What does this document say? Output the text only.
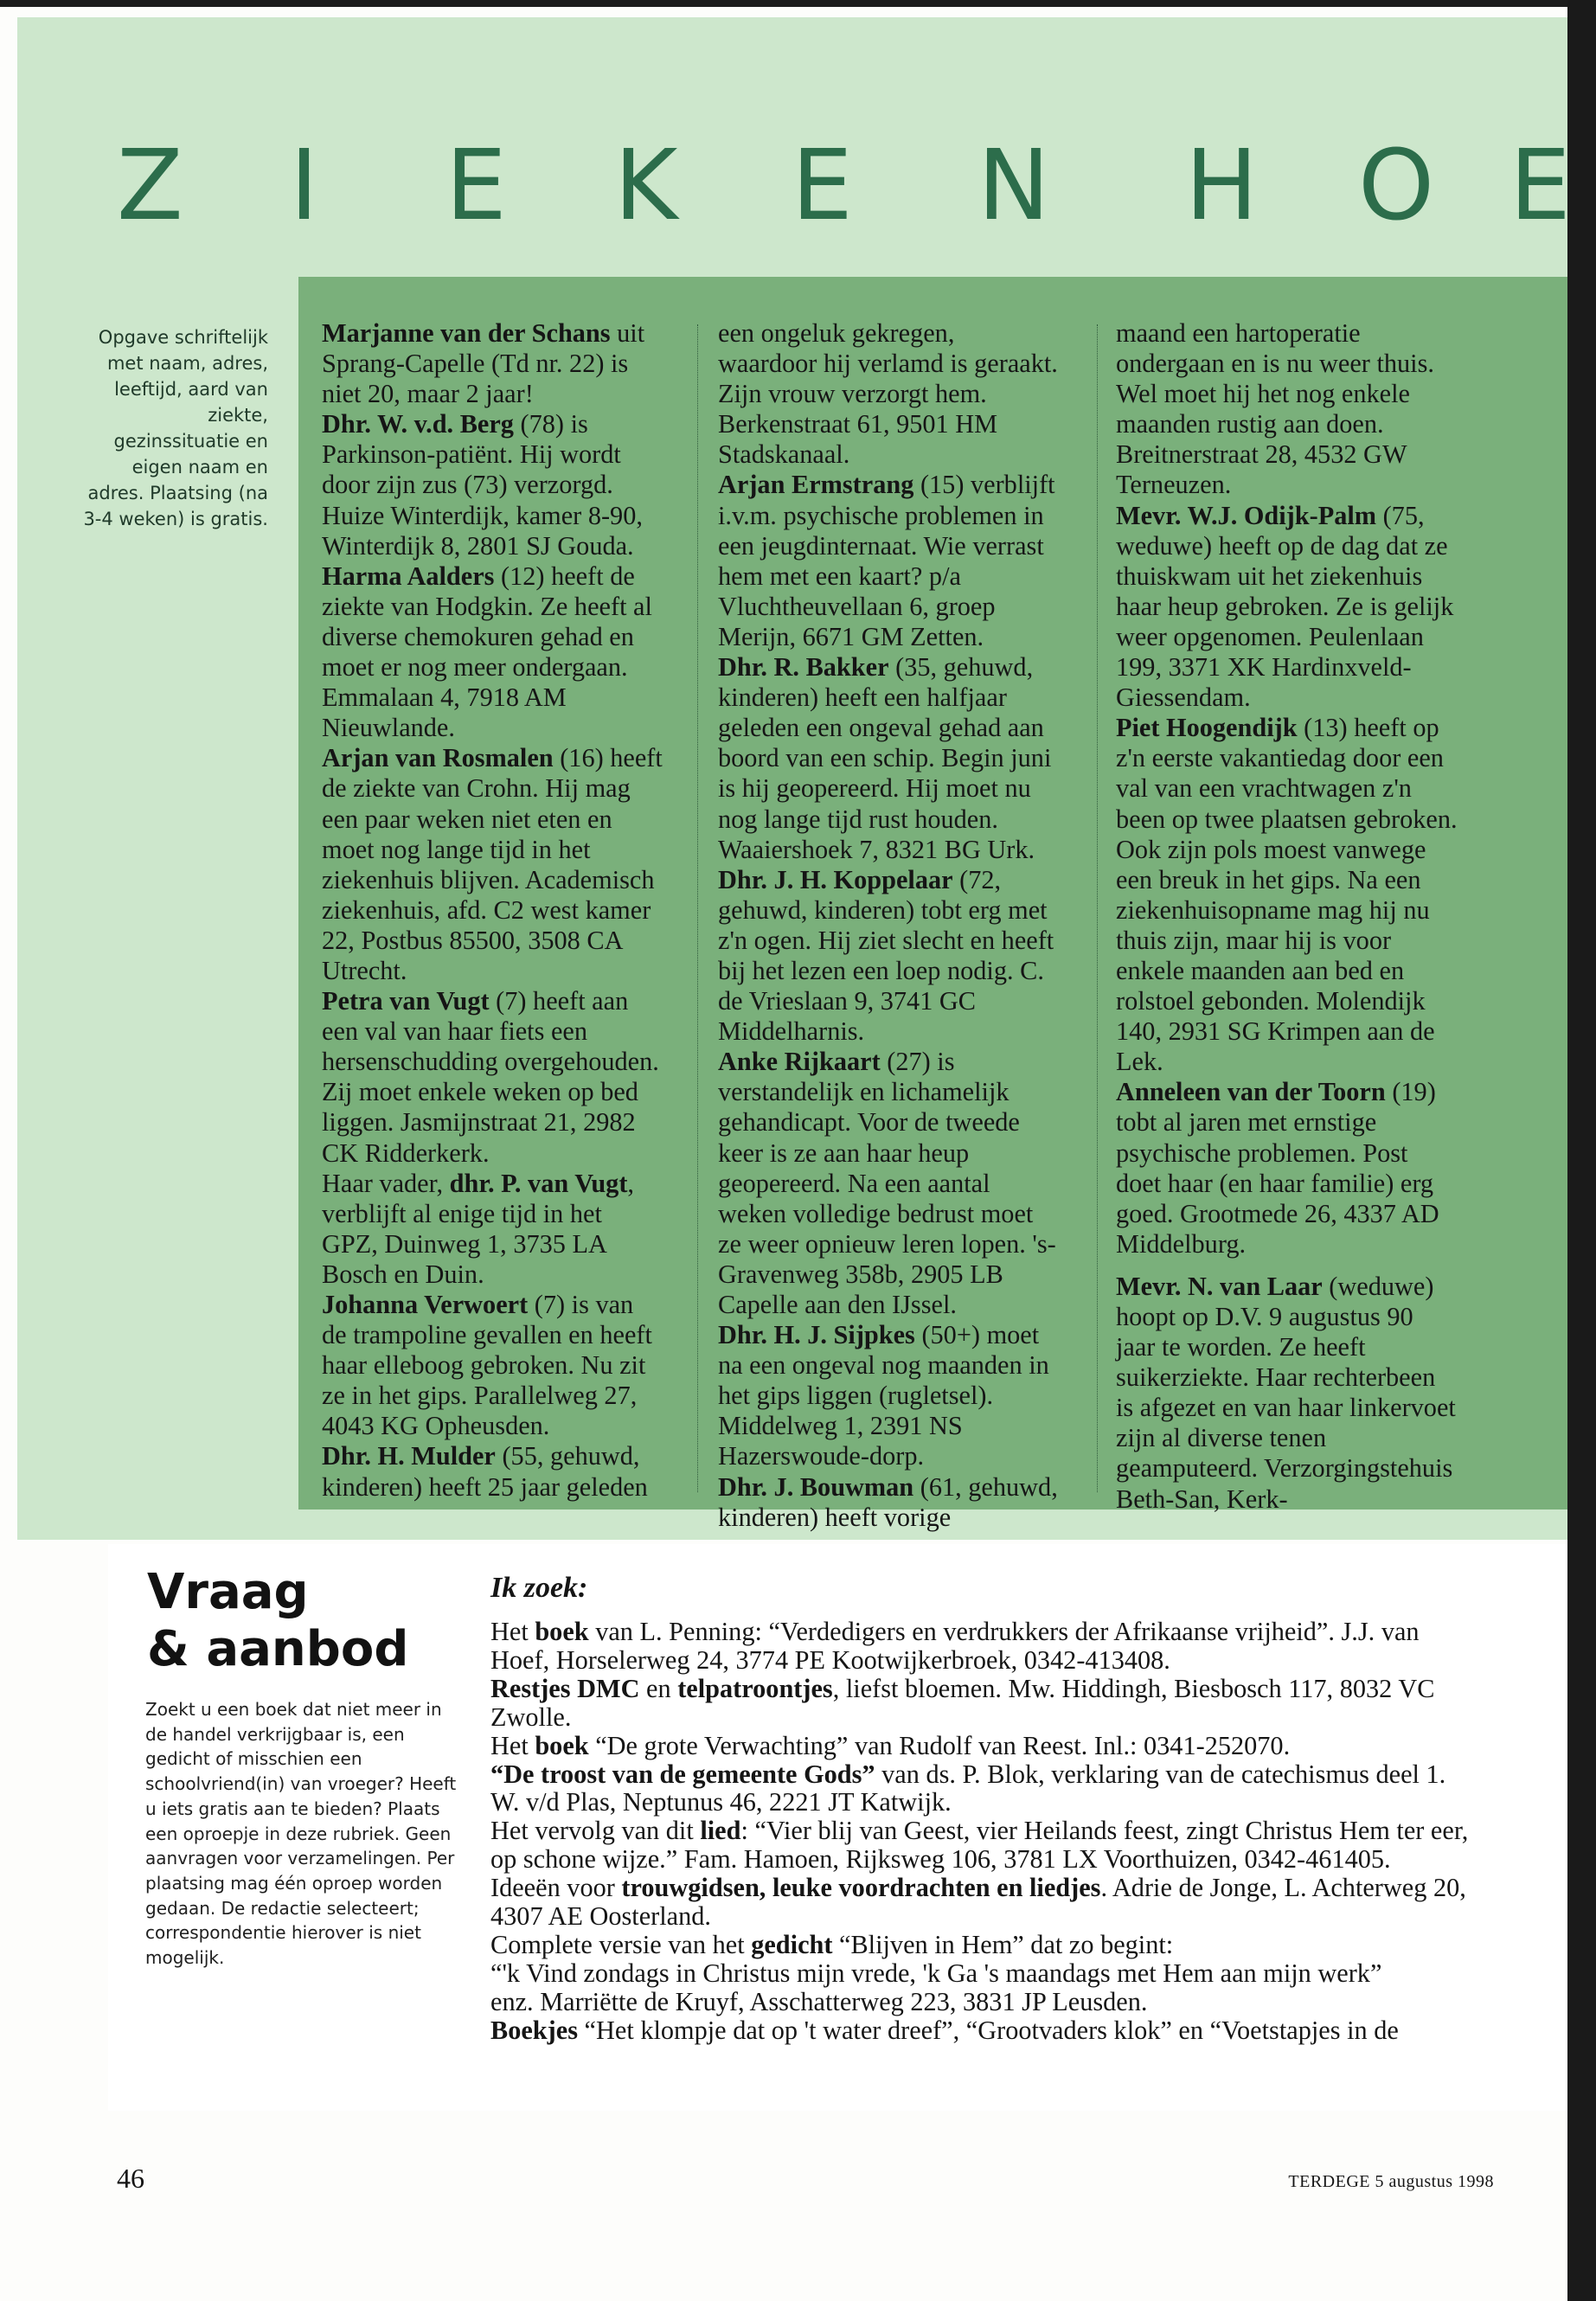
Z I E K E N H O E
Opgave schriftelijk met naam, adres, leeftijd, aard van ziekte, gezinssituatie en eigen naam en adres. Plaatsing (na 3-4 weken) is gratis.

Marjanne van der Schans uit Sprang-Capelle (Td nr. 22) is niet 20, maar 2 jaar!

Dhr. W. v.d. Berg (78) is Parkinson-patiënt. Hij wordt door zijn zus (73) verzorgd. Huize Winterdijk, kamer 8-90, Winterdijk 8, 2801 SJ Gouda.

Harma Aalders (12) heeft de ziekte van Hodgkin. Ze heeft al diverse chemokuren gehad en moet er nog meer ondergaan. Emmalaan 4, 7918 AM Nieuwlande.

Arjan van Rosmalen (16) heeft de ziekte van Crohn. Hij mag een paar weken niet eten en moet nog lange tijd in het ziekenhuis blijven. Academisch ziekenhuis, afd. C2 west kamer 22, Postbus 85500, 3508 CA Utrecht.

Petra van Vugt (7) heeft aan een val van haar fiets een hersenschudding overgehouden. Zij moet enkele weken op bed liggen. Jasmijnstraat 21, 2982 CK Ridderkerk.

Haar vader, dhr. P. van Vugt, verblijft al enige tijd in het GPZ, Duinweg 1, 3735 LA Bosch en Duin.

Johanna Verwoert (7) is van de trampoline gevallen en heeft haar elleboog gebroken. Nu zit ze in het gips. Parallelweg 27, 4043 KG Opheusden.

Dhr. H. Mulder (55, gehuwd, kinderen) heeft 25 jaar geleden

een ongeluk gekregen, waardoor hij verlamd is geraakt. Zijn vrouw verzorgt hem. Berkenstraat 61, 9501 HM Stadskanaal.

Arjan Ermstrang (15) verblijft i.v.m. psychische problemen in een jeugdinternaat. Wie verrast hem met een kaart? p/a Vluchtheuvellaan 6, groep Merijn, 6671 GM Zetten.

Dhr. R. Bakker (35, gehuwd, kinderen) heeft een halfjaar geleden een ongeval gehad aan boord van een schip. Begin juni is hij geopereerd. Hij moet nu nog lange tijd rust houden. Waaiershoek 7, 8321 BG Urk.

Dhr. J. H. Koppelaar (72, gehuwd, kinderen) tobt erg met z'n ogen. Hij ziet slecht en heeft bij het lezen een loep nodig. C. de Vrieslaan 9, 3741 GC Middelharnis.

Anke Rijkaart (27) is verstandelijk en lichamelijk gehandicapt. Voor de tweede keer is ze aan haar heup geopereerd. Na een aantal weken volledige bedrust moet ze weer opnieuw leren lopen. 's-Gravenweg 358b, 2905 LB Capelle aan den IJssel.

Dhr. H. J. Sijpkes (50+) moet na een ongeval nog maanden in het gips liggen (rugletsel). Middelweg 1, 2391 NS Hazerswoude-dorp.

Dhr. J. Bouwman (61, gehuwd, kinderen) heeft vorige

maand een hartoperatie ondergaan en is nu weer thuis. Wel moet hij het nog enkele maanden rustig aan doen. Breitnerstraat 28, 4532 GW Terneuzen.

Mevr. W.J. Odijk-Palm (75, weduwe) heeft op de dag dat ze thuiskwam uit het ziekenhuis haar heup gebroken. Ze is gelijk weer opgenomen. Peulenlaan 199, 3371 XK Hardinxveld-Giessendam.

Piet Hoogendijk (13) heeft op z'n eerste vakantiedag door een val van een vrachtwagen z'n been op twee plaatsen gebroken. Ook zijn pols moest vanwege een breuk in het gips. Na een ziekenhuisopname mag hij nu thuis zijn, maar hij is voor enkele maanden aan bed en rolstoel gebonden. Molendijk 140, 2931 SG Krimpen aan de Lek.

Anneleen van der Toorn (19) tobt al jaren met ernstige psychische problemen. Post doet haar (en haar familie) erg goed. Grootmede 26, 4337 AD Middelburg.

Mevr. N. van Laar (weduwe) hoopt op D.V. 9 augustus 90 jaar te worden. Ze heeft suikerziekte. Haar rechterbeen is afgezet en van haar linkervoet zijn al diverse tenen geamputeerd. Verzorgingstehuis Beth-San, Kerk-

Vraag
& aanbod
Zoekt u een boek dat niet meer in de handel verkrijgbaar is, een gedicht of misschien een schoolvriend(in) van vroeger? Heeft u iets gratis aan te bieden? Plaats een oproepje in deze rubriek. Geen aanvragen voor verzamelingen. Per plaatsing mag één oproep worden gedaan. De redactie selecteert; correspondentie hierover is niet mogelijk.
Ik zoek:

Het boek van L. Penning: “Verdedigers en verdrukkers der Afrikaanse vrijheid”. J.J. van Hoef, Horselerweg 24, 3774 PE Kootwijkerbroek, 0342-413408.

Restjes DMC en telpatroontjes, liefst bloemen. Mw. Hiddingh, Biesbosch 117, 8032 VC Zwolle.

Het boek “De grote Verwachting” van Rudolf van Reest. Inl.: 0341-252070.

“De troost van de gemeente Gods” van ds. P. Blok, verklaring van de catechismus deel 1. W. v/d Plas, Neptunus 46, 2221 JT Katwijk.

Het vervolg van dit lied: “Vier blij van Geest, vier Heilands feest, zingt Christus Hem ter eer, op schone wijze.” Fam. Hamoen, Rijksweg 106, 3781 LX Voorthuizen, 0342-461405.

Ideeën voor trouwgidsen, leuke voordrachten en liedjes. Adrie de Jonge, L. Achterweg 20, 4307 AE Oosterland.

Complete versie van het gedicht “Blijven in Hem” dat zo begint:
“'k Vind zondags in Christus mijn vrede, 'k Ga 's maandags met Hem aan mijn werk”
enz. Marriëtte de Kruyf, Asschatterweg 223, 3831 JP Leusden.

Boekjes “Het klompje dat op 't water dreef”, “Grootvaders klok” en “Voetstapjes in de

46	TERDEGE 5 augustus 1998
